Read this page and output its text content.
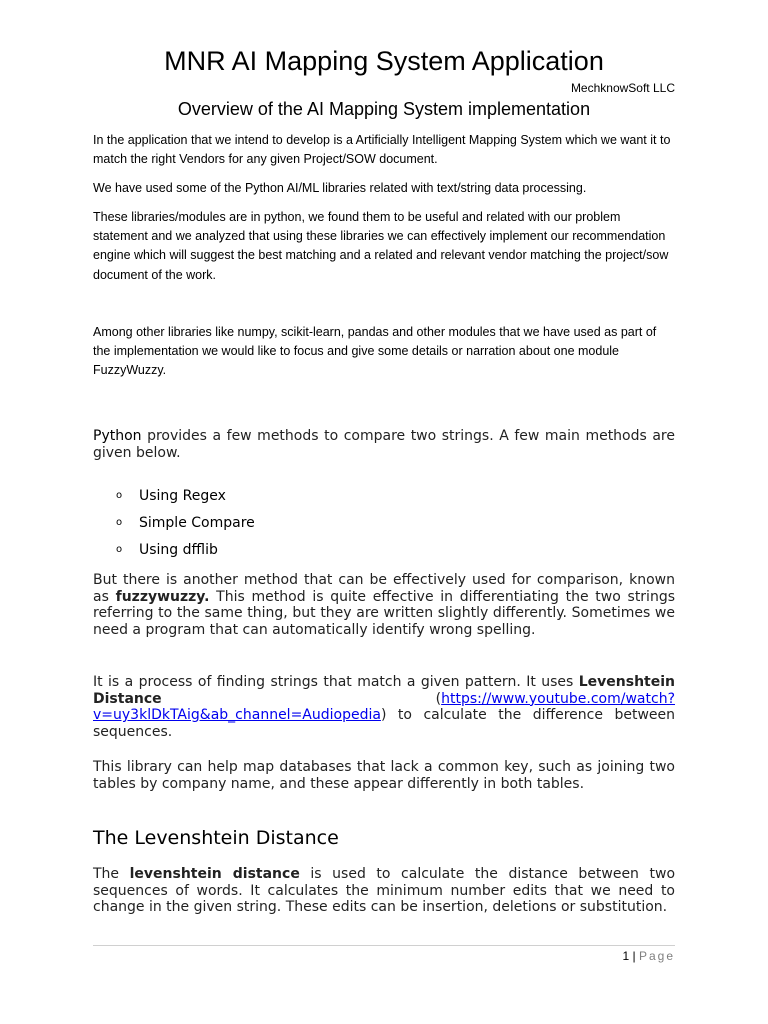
MNR AI Mapping System Application
MechknowSoft LLC
Overview of the AI Mapping System implementation

In the application that we intend to develop is a Artificially Intelligent Mapping System which we want it to match the right Vendors for any given Project/SOW document.

We have used some of the Python AI/ML libraries related with text/string data processing.

These libraries/modules are in python, we found them to be useful and related with our problem statement and we analyzed that using these libraries we can effectively implement our recommendation engine which will suggest the best matching and a related and relevant vendor matching the project/sow document of the work.

Among other libraries like numpy, scikit-learn, pandas and other modules that we have used as part of the implementation we would like to focus and give some details or narration about one module FuzzyWuzzy.

Python provides a few methods to compare two strings. A few main methods are given below.

o	Using Regex
o	Simple Compare
o	Using dfflib

But there is another method that can be effectively used for comparison, known as fuzzywuzzy. This method is quite effective in differentiating the two strings referring to the same thing, but they are written slightly differently. Sometimes we need a program that can automatically identify wrong spelling.

It is a process of finding strings that match a given pattern. It uses Levenshtein Distance (https://www.youtube.com/watch?v=uy3klDkTAig&ab_channel=Audiopedia) to calculate the difference between sequences.

This library can help map databases that lack a common key, such as joining two tables by company name, and these appear differently in both tables.

The Levenshtein Distance

The levenshtein distance is used to calculate the distance between two sequences of words. It calculates the minimum number edits that we need to change in the given string. These edits can be insertion, deletions or substitution.

1 | Page
